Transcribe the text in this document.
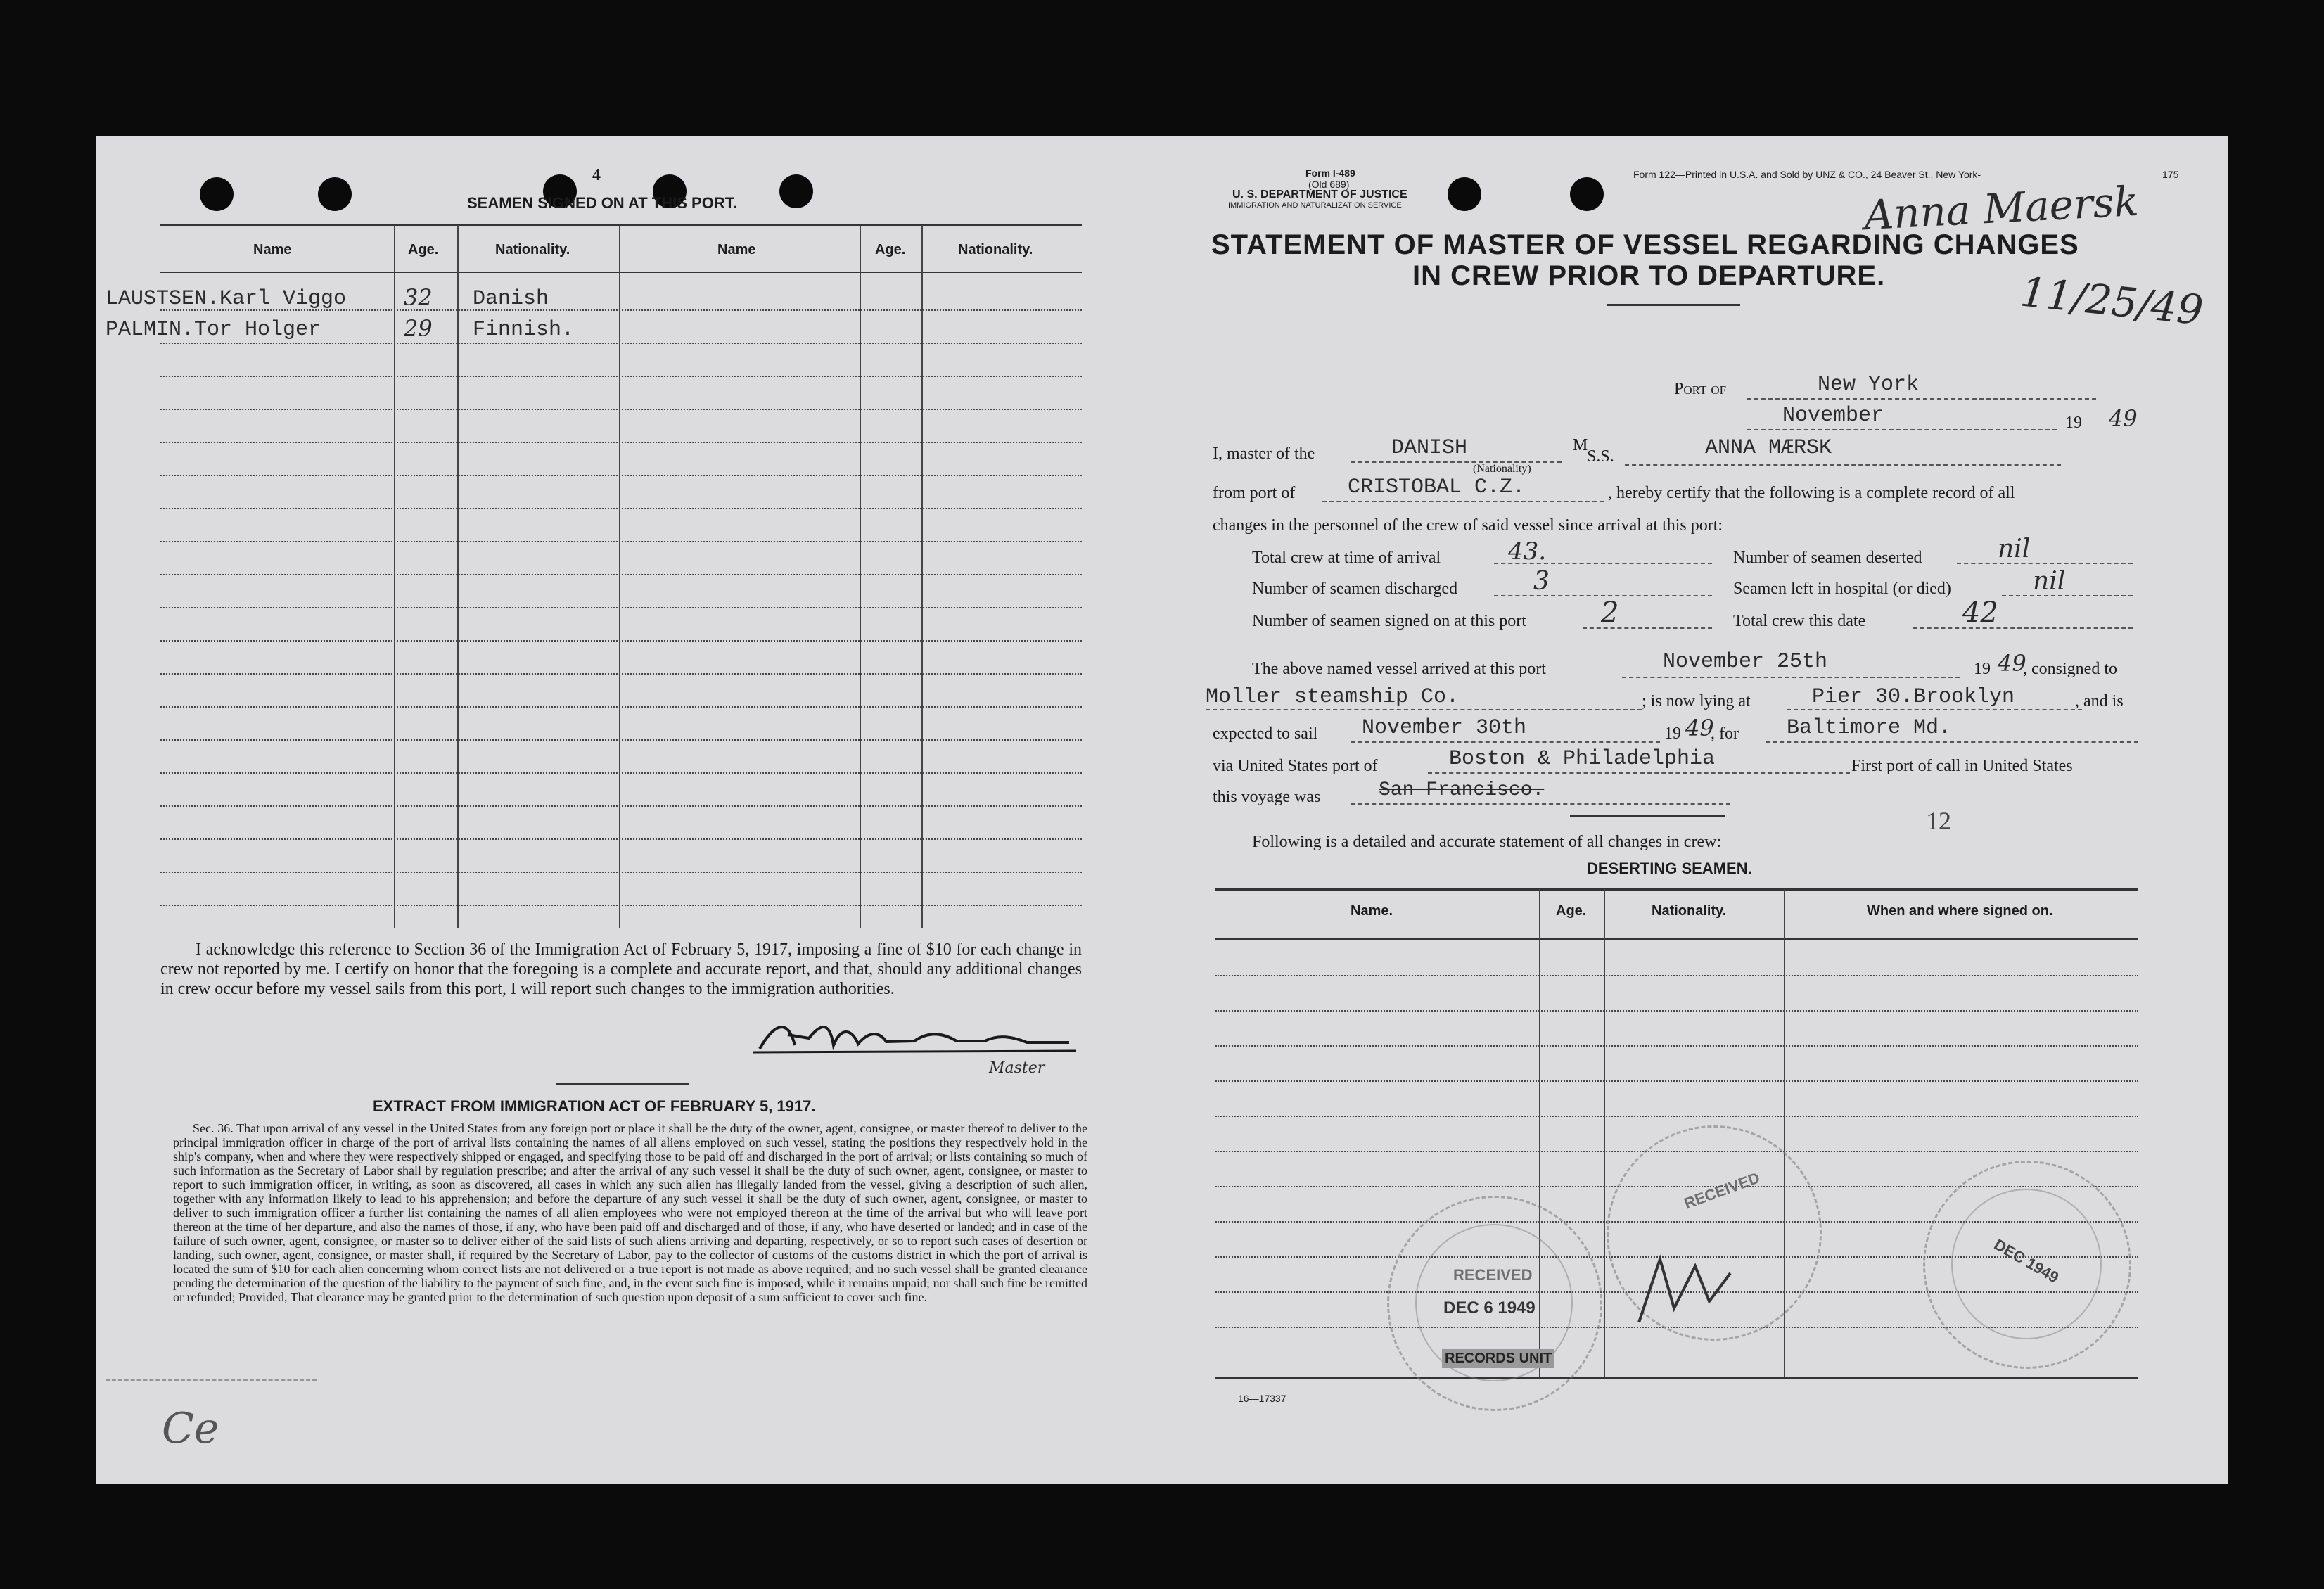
4
SEAMEN SIGNED ON AT THIS PORT.
Name	Age.	Nationality.	Name	Age.	Nationality.
LAUSTSEN.Karl Viggo	32 Danish
PALMIN.Tor Holger	29 Finnish.
I acknowledge this reference to Section 36 of the Immigration Act of February 5, 1917, imposing a fine of $10 for each change in crew not reported by me. I certify on honor that the foregoing is a complete and accurate report, and that, should any additional changes in crew occur before my vessel sails from this port, I will report such changes to the immigration authorities.
AMClausen
Master
EXTRACT FROM IMMIGRATION ACT OF FEBRUARY 5, 1917.
Sec. 36. That upon arrival of any vessel in the United States from any foreign port or place it shall be the duty of the owner, agent, consignee, or master thereof to deliver to the principal immigration officer in charge of the port of arrival lists containing the names of all aliens employed on such vessel, stating the positions they respectively hold in the ship's company, when and where they were respectively shipped or engaged, and specifying those to be paid off and discharged in the port of arrival; or lists containing so much of such information as the Secretary of Labor shall by regulation prescribe; and after the arrival of any such vessel it shall be the duty of such owner, agent, consignee, or master to report to such immigration officer, in writing, as soon as discovered, all cases in which any such alien has illegally landed from the vessel, giving a description of such alien, together with any information likely to lead to his apprehension; and before the departure of any such vessel it shall be the duty of such owner, agent, consignee, or master to deliver to such immigration officer a further list containing the names of all alien employees who were not employed thereon at the time of the arrival but who will leave port thereon at the time of her departure, and also the names of those, if any, who have been paid off and discharged and of those, if any, who have deserted or landed; and in case of the failure of such owner, agent, consignee, or master so to deliver either of the said lists of such aliens arriving and departing, respectively, or so to report such cases of desertion or landing, such owner, agent, consignee, or master shall, if required by the Secretary of Labor, pay to the collector of customs of the customs district in which the port of arrival is located the sum of $10 for each alien concerning whom correct lists are not delivered or a true report is not made as above required; and no such vessel shall be granted clearance pending the determination of the question of the liability to the payment of such fine, and, in the event such fine is imposed, while it remains unpaid; nor shall such fine be remitted or refunded; Provided, That clearance may be granted prior to the determination of such question upon deposit of a sum sufficient to cover such fine.
Ce
Form I-489
(Old 689)
U. S. DEPARTMENT OF JUSTICE
IMMIGRATION AND NATURALIZATION SERVICE
Form 122—Printed in U.S.A. and Sold by UNZ & CO., 24 Beaver St., New York-	175
Anna Maersk
11/25/49
STATEMENT OF MASTER OF VESSEL REGARDING CHANGES
IN CREW PRIOR TO DEPARTURE.
Port of	New York
November	19 49
I, master of the	DANISH
(Nationality)
M
S.S.	ANNA MÆRSK
from port of CRISTOBAL C.Z.	, hereby certify that the following is a complete record of all
changes in the personnel of the crew of said vessel since arrival at this port:
Total crew at time of arrival	43.	Number of seamen deserted	nil
Number of seamen discharged	3	Seamen left in hospital (or died)	nil
Number of seamen signed on at this port	2	Total crew this date	42
The above named vessel arrived at this port	November 25th	19 49
, consigned to
Moller steamship Co.	; is now lying at	Pier 30.Brooklyn	, and is
expected to sail November 30th	19 49
, for Baltimore Md.
via United States port of	Boston & Philadelphia	First port of call in United States
this voyage was	San Francisco.
12
Following is a detailed and accurate statement of all changes in crew:
DESERTING SEAMEN.
Name.	Age.	Nationality.	When and where signed on.
RECEIVED
DEC 6 1949
RECORDS UNIT
RECEIVED
DEC 1949
16—17337
